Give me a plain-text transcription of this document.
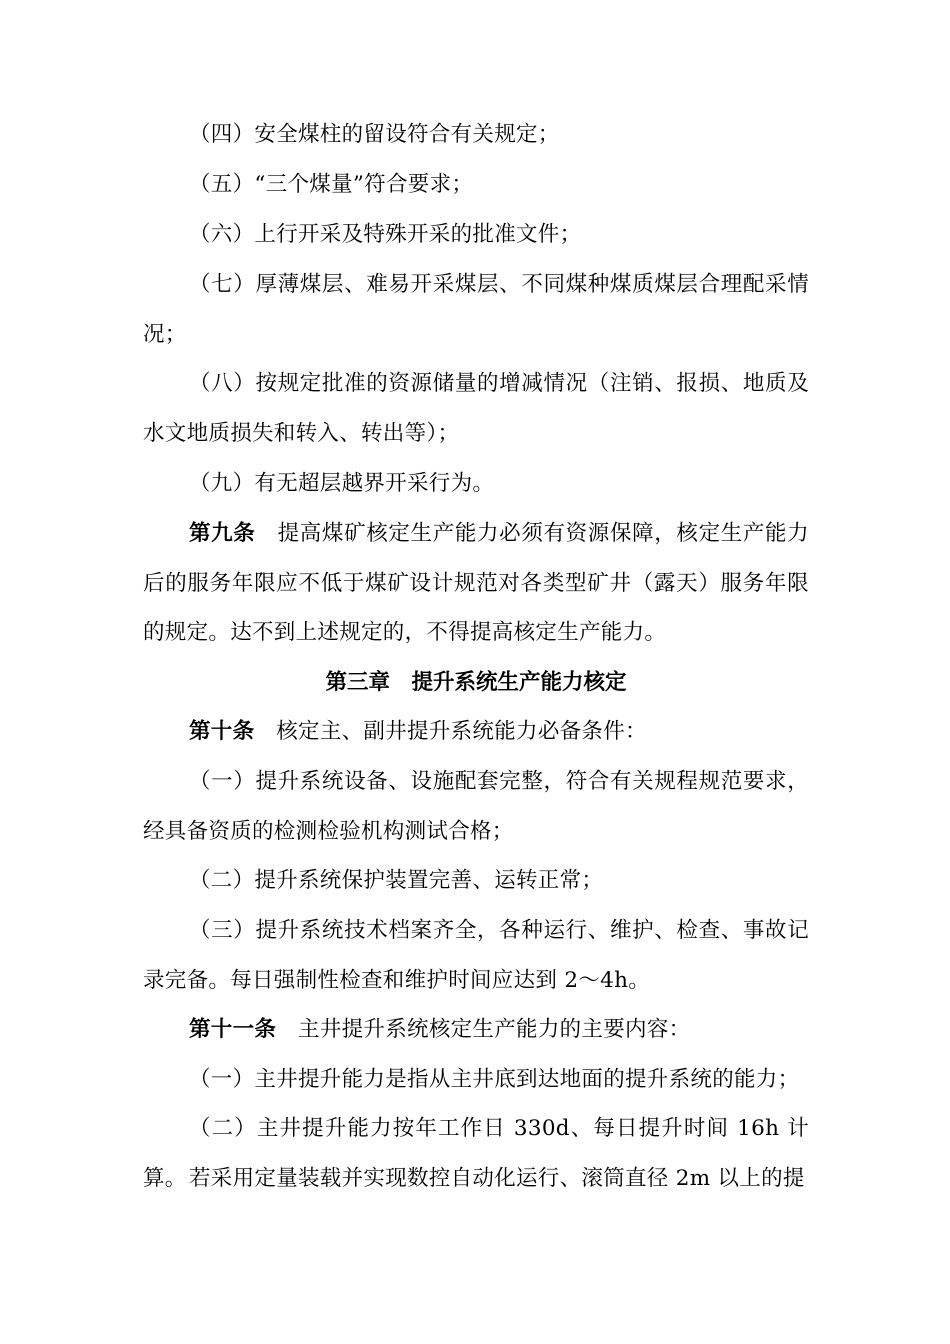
（四）安全煤柱的留设符合有关规定；
（五）“三个煤量”符合要求；
（六）上行开采及特殊开采的批准文件；
（七）厚薄煤层、难易开采煤层、不同煤种煤质煤层合理配采情况；
（八）按规定批准的资源储量的增减情况（注销、报损、地质及水文地质损失和转入、转出等）；
（九）有无超层越界开采行为。
第九条　 提高煤矿核定生产能力必须有资源保障，核定生产能力后的服务年限应不低于煤矿设计规范对各类型矿井（露天）服务年限的规定。达不到上述规定的，不得提高核定生产能力。
第三章　提升系统生产能力核定
第十条　 核定主、副井提升系统能力必备条件：
（一）提升系统设备、设施配套完整，符合有关规程规范要求，经具备资质的检测检验机构测试合格；
（二）提升系统保护装置完善、运转正常；
（三）提升系统技术档案齐全，各种运行、维护、检查、事故记录完备。每日强制性检查和维护时间应达到 2～4h。
第十一条　 主井提升系统核定生产能力的主要内容：
（一）主井提升能力是指从主井底到达地面的提升系统的能力；
（二）主井提升能力按年工作日 330d、每日提升时间 16h 计算。 若采用定量装载并实现数控自动化运行、滚筒直径 2m 以上的提
